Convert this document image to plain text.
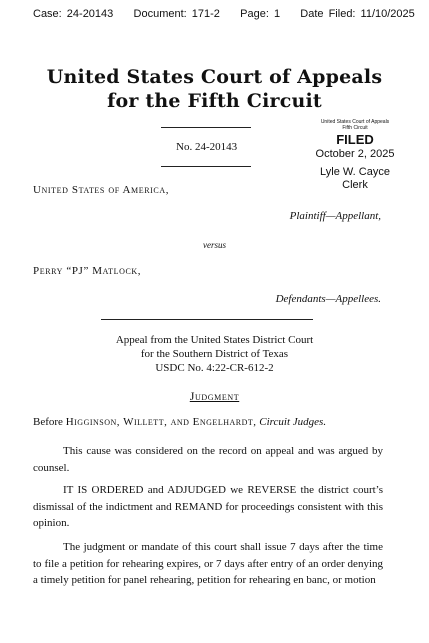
Case: 24-20143 Document: 171-2 Page: 1 Date Filed: 11/10/2025
United States Court of Appeals
for the Fifth Circuit
No. 24-20143
United States Court of Appeals
Fifth Circuit
FILED
October 2, 2025
Lyle W. Cayce
Clerk
United States of America,
Plaintiff—Appellant,
versus
Perry “PJ” Matlock,
Defendants—Appellees.
Appeal from the United States District Court
for the Southern District of Texas
USDC No. 4:22-CR-612-2
Judgment
Before Higginson, Willett, and Engelhardt, Circuit Judges.
This cause was considered on the record on appeal and was argued by counsel.
IT IS ORDERED and ADJUDGED we REVERSE the district court’s dismissal of the indictment and REMAND for proceedings consistent with this opinion.
The judgment or mandate of this court shall issue 7 days after the time to file a petition for rehearing expires, or 7 days after entry of an order denying a timely petition for panel rehearing, petition for rehearing en banc, or motion
